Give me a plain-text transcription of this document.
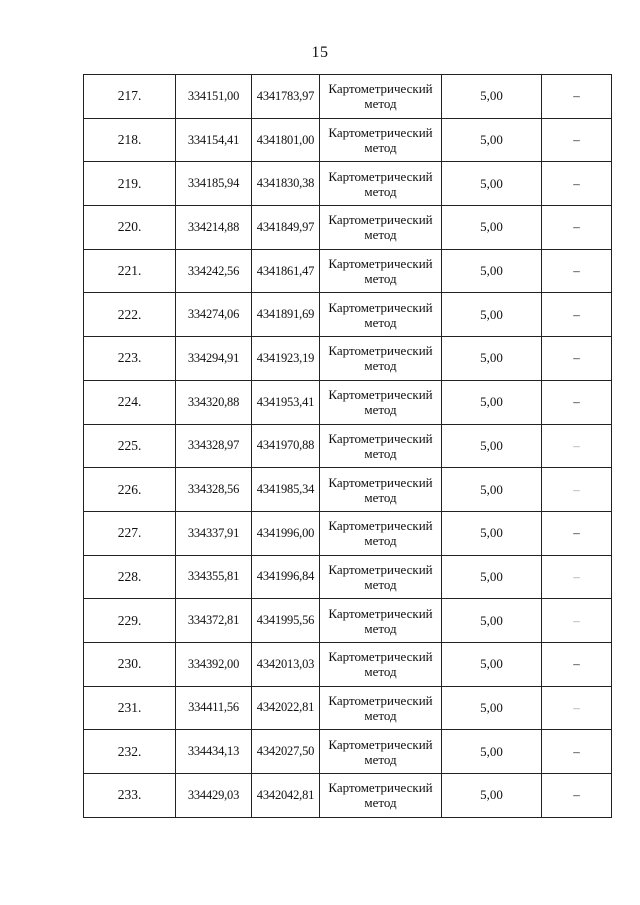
15
217.	334151,00	4341783,97	Картометрический
метод	5,00	–
218.	334154,41	4341801,00	Картометрический
метод	5,00	–
219.	334185,94	4341830,38	Картометрический
метод	5,00	–
220.	334214,88	4341849,97	Картометрический
метод	5,00	–
221.	334242,56	4341861,47	Картометрический
метод	5,00	–
222.	334274,06	4341891,69	Картометрический
метод	5,00	–
223.	334294,91	4341923,19	Картометрический
метод	5,00	–
224.	334320,88	4341953,41	Картометрический
метод	5,00	–
225.	334328,97	4341970,88	Картометрический
метод	5,00	–
226.	334328,56	4341985,34	Картометрический
метод	5,00	–
227.	334337,91	4341996,00	Картометрический
метод	5,00	–
228.	334355,81	4341996,84	Картометрический
метод	5,00	–
229.	334372,81	4341995,56	Картометрический
метод	5,00	–
230.	334392,00	4342013,03	Картометрический
метод	5,00	–
231.	334411,56	4342022,81	Картометрический
метод	5,00	–
232.	334434,13	4342027,50	Картометрический
метод	5,00	–
233.	334429,03	4342042,81	Картометрический
метод	5,00	–
